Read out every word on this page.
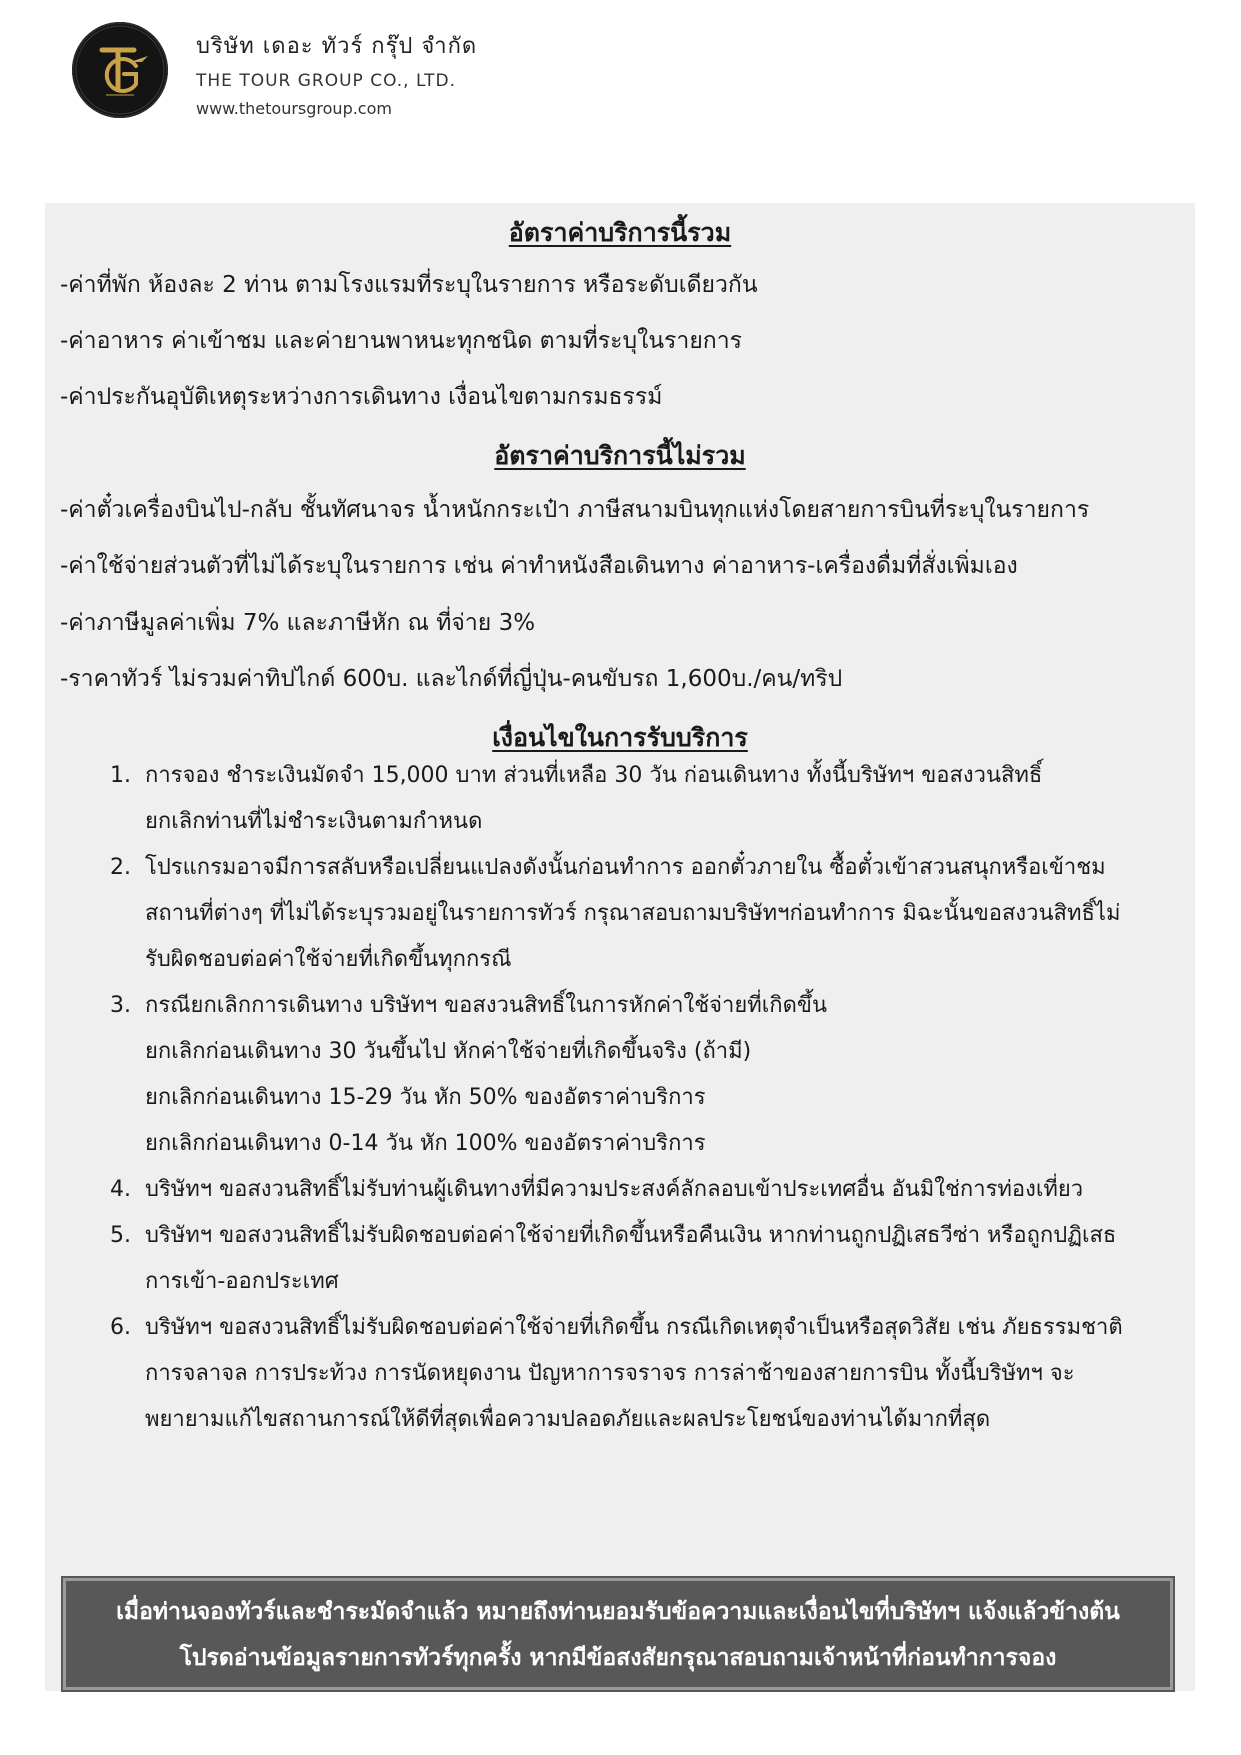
บริษัท เดอะ ทัวร์ กรุ๊ป จำกัด
THE TOUR GROUP CO., LTD.
www.thetoursgroup.com
อัตราค่าบริการนี้รวม
-ค่าที่พัก ห้องละ 2 ท่าน ตามโรงแรมที่ระบุในรายการ หรือระดับเดียวกัน
-ค่าอาหาร ค่าเข้าชม และค่ายานพาหนะทุกชนิด ตามที่ระบุในรายการ
-ค่าประกันอุบัติเหตุระหว่างการเดินทาง เงื่อนไขตามกรมธรรม์
อัตราค่าบริการนี้ไม่รวม
-ค่าตั๋วเครื่องบินไป-กลับ ชั้นทัศนาจร น้ำหนักกระเป๋า ภาษีสนามบินทุกแห่งโดยสายการบินที่ระบุในรายการ
-ค่าใช้จ่ายส่วนตัวที่ไม่ได้ระบุในรายการ เช่น ค่าทำหนังสือเดินทาง ค่าอาหาร-เครื่องดื่มที่สั่งเพิ่มเอง
-ค่าภาษีมูลค่าเพิ่ม 7% และภาษีหัก ณ ที่จ่าย 3%
-ราคาทัวร์ ไม่รวมค่าทิปไกด์ 600บ. และไกด์ที่ญี่ปุ่น-คนขับรถ 1,600บ./คน/ทริป
เงื่อนไขในการรับบริการ
1. การจอง ชำระเงินมัดจำ 15,000 บาท ส่วนที่เหลือ 30 วัน ก่อนเดินทาง ทั้งนี้บริษัทฯ ขอสงวนสิทธิ์
ยกเลิกท่านที่ไม่ชำระเงินตามกำหนด
2. โปรแกรมอาจมีการสลับหรือเปลี่ยนแปลงดังนั้นก่อนทำการ ออกตั๋วภายใน ซื้อตั๋วเข้าสวนสนุกหรือเข้าชม
สถานที่ต่างๆ ที่ไม่ได้ระบุรวมอยู่ในรายการทัวร์ กรุณาสอบถามบริษัทฯก่อนทำการ มิฉะนั้นขอสงวนสิทธิ์ไม่
รับผิดชอบต่อค่าใช้จ่ายที่เกิดขึ้นทุกกรณี
3. กรณียกเลิกการเดินทาง บริษัทฯ ขอสงวนสิทธิ์ในการหักค่าใช้จ่ายที่เกิดขึ้น
ยกเลิกก่อนเดินทาง 30 วันขึ้นไป หักค่าใช้จ่ายที่เกิดขึ้นจริง (ถ้ามี)
ยกเลิกก่อนเดินทาง 15-29 วัน หัก 50% ของอัตราค่าบริการ
ยกเลิกก่อนเดินทาง 0-14 วัน หัก 100% ของอัตราค่าบริการ
4. บริษัทฯ ขอสงวนสิทธิ์ไม่รับท่านผู้เดินทางที่มีความประสงค์ลักลอบเข้าประเทศอื่น อันมิใช่การท่องเที่ยว
5. บริษัทฯ ขอสงวนสิทธิ์ไม่รับผิดชอบต่อค่าใช้จ่ายที่เกิดขึ้นหรือคืนเงิน หากท่านถูกปฏิเสธวีซ่า หรือถูกปฏิเสธ
การเข้า-ออกประเทศ
6. บริษัทฯ ขอสงวนสิทธิ์ไม่รับผิดชอบต่อค่าใช้จ่ายที่เกิดขึ้น กรณีเกิดเหตุจำเป็นหรือสุดวิสัย เช่น ภัยธรรมชาติ
การจลาจล การประท้วง การนัดหยุดงาน ปัญหาการจราจร การล่าช้าของสายการบิน ทั้งนี้บริษัทฯ จะ
พยายามแก้ไขสถานการณ์ให้ดีที่สุดเพื่อความปลอดภัยและผลประโยชน์ของท่านได้มากที่สุด
เมื่อท่านจองทัวร์และชำระมัดจำแล้ว หมายถึงท่านยอมรับข้อความและเงื่อนไขที่บริษัทฯ แจ้งแล้วข้างต้น
โปรดอ่านข้อมูลรายการทัวร์ทุกครั้ง หากมีข้อสงสัยกรุณาสอบถามเจ้าหน้าที่ก่อนทำการจอง
